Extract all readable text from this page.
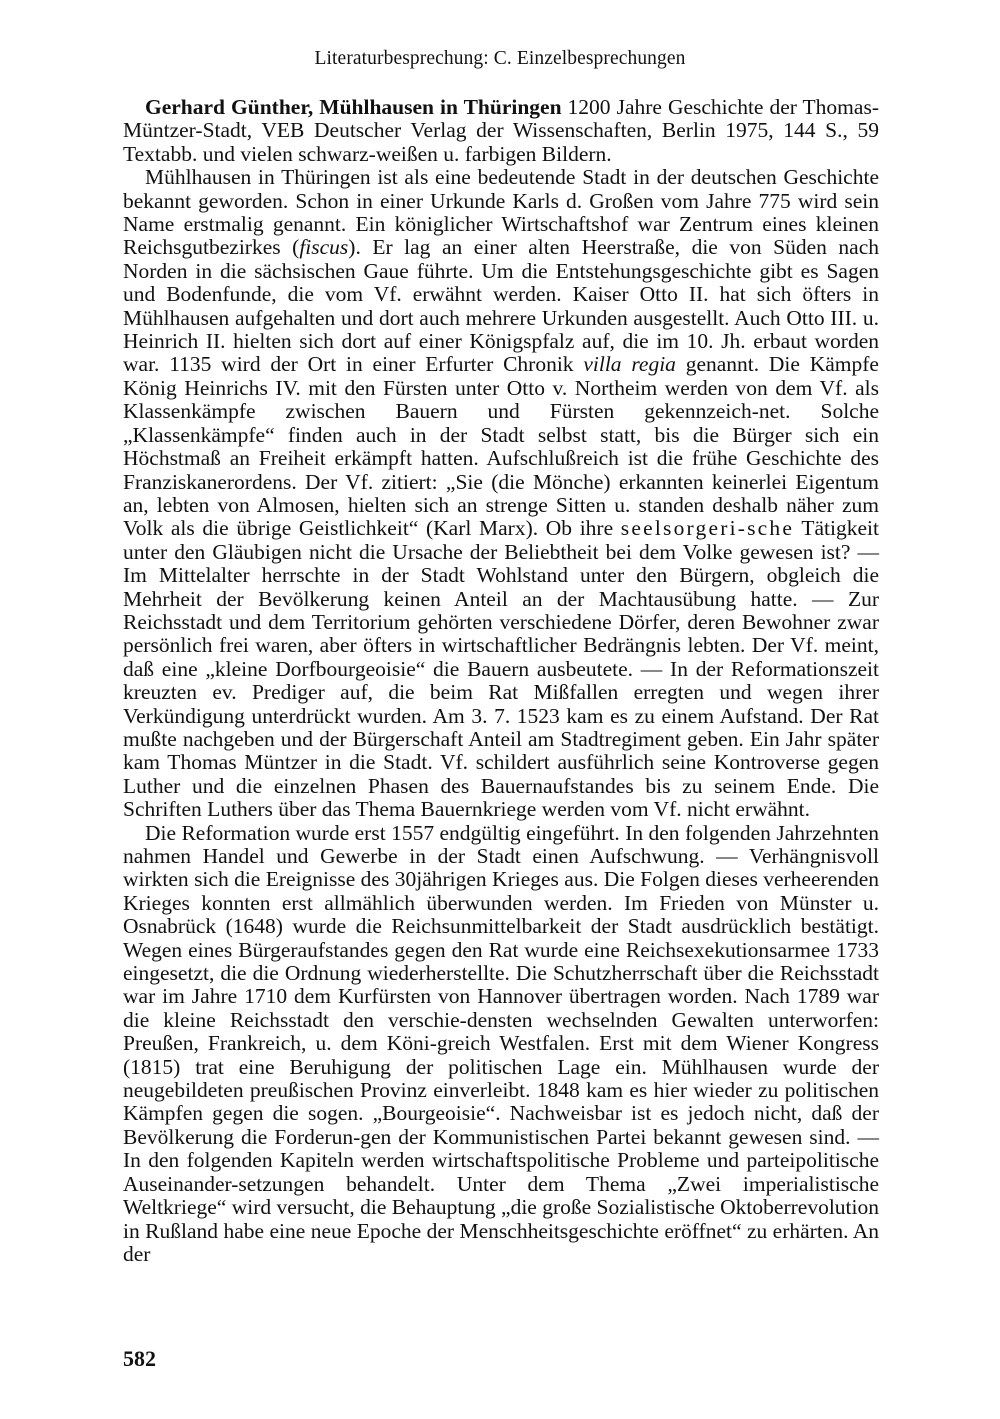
Literaturbesprechung: C. Einzelbesprechungen

Gerhard Günther, Mühlhausen in Thüringen 1200 Jahre Geschichte der Thomas-Müntzer-Stadt, VEB Deutscher Verlag der Wissenschaften, Berlin 1975, 144 S., 59 Textabb. und vielen schwarz-weißen u. farbigen Bildern.

Mühlhausen in Thüringen ist als eine bedeutende Stadt in der deutschen Geschichte bekannt geworden. Schon in einer Urkunde Karls d. Großen vom Jahre 775 wird sein Name erstmalig genannt. Ein königlicher Wirtschaftshof war Zentrum eines kleinen Reichsgutbezirkes (fiscus). Er lag an einer alten Heerstraße, die von Süden nach Norden in die sächsischen Gaue führte. Um die Entstehungsgeschichte gibt es Sagen und Bodenfunde, die vom Vf. erwähnt werden. Kaiser Otto II. hat sich öfters in Mühlhausen aufgehalten und dort auch mehrere Urkunden ausgestellt. Auch Otto III. u. Heinrich II. hielten sich dort auf einer Königspfalz auf, die im 10. Jh. erbaut worden war. 1135 wird der Ort in einer Erfurter Chronik villa regia genannt. Die Kämpfe König Heinrichs IV. mit den Fürsten unter Otto v. Northeim werden von dem Vf. als Klassenkämpfe zwischen Bauern und Fürsten gekennzeich-net. Solche „Klassenkämpfe“ finden auch in der Stadt selbst statt, bis die Bürger sich ein Höchstmaß an Freiheit erkämpft hatten. Aufschlußreich ist die frühe Geschichte des Franziskanerordens. Der Vf. zitiert: „Sie (die Mönche) erkannten keinerlei Eigentum an, lebten von Almosen, hielten sich an strenge Sitten u. standen deshalb näher zum Volk als die übrige Geistlichkeit“ (Karl Marx). Ob ihre seelsorgeri-sche Tätigkeit unter den Gläubigen nicht die Ursache der Beliebtheit bei dem Volke gewesen ist? — Im Mittelalter herrschte in der Stadt Wohlstand unter den Bürgern, obgleich die Mehrheit der Bevölkerung keinen Anteil an der Machtausübung hatte. — Zur Reichsstadt und dem Territorium gehörten verschiedene Dörfer, deren Bewohner zwar persönlich frei waren, aber öfters in wirtschaftlicher Bedrängnis lebten. Der Vf. meint, daß eine „kleine Dorfbourgeoisie“ die Bauern ausbeutete. — In der Reformationszeit kreuzten ev. Prediger auf, die beim Rat Mißfallen erregten und wegen ihrer Verkündigung unterdrückt wurden. Am 3. 7. 1523 kam es zu einem Aufstand. Der Rat mußte nachgeben und der Bürgerschaft Anteil am Stadtregiment geben. Ein Jahr später kam Thomas Müntzer in die Stadt. Vf. schildert ausführlich seine Kontroverse gegen Luther und die einzelnen Phasen des Bauernaufstandes bis zu seinem Ende. Die Schriften Luthers über das Thema Bauernkriege werden vom Vf. nicht erwähnt.

Die Reformation wurde erst 1557 endgültig eingeführt. In den folgenden Jahrzehnten nahmen Handel und Gewerbe in der Stadt einen Aufschwung. — Verhängnisvoll wirkten sich die Ereignisse des 30jährigen Krieges aus. Die Folgen dieses verheerenden Krieges konnten erst allmählich überwunden werden. Im Frieden von Münster u. Osnabrück (1648) wurde die Reichsunmittelbarkeit der Stadt ausdrücklich bestätigt. Wegen eines Bürgeraufstandes gegen den Rat wurde eine Reichsexekutionsarmee 1733 eingesetzt, die die Ordnung wiederherstellte. Die Schutzherrschaft über die Reichsstadt war im Jahre 1710 dem Kurfürsten von Hannover übertragen worden. Nach 1789 war die kleine Reichsstadt den verschie-densten wechselnden Gewalten unterworfen: Preußen, Frankreich, u. dem Köni-greich Westfalen. Erst mit dem Wiener Kongress (1815) trat eine Beruhigung der politischen Lage ein. Mühlhausen wurde der neugebildeten preußischen Provinz einverleibt. 1848 kam es hier wieder zu politischen Kämpfen gegen die sogen. „Bourgeoisie“. Nachweisbar ist es jedoch nicht, daß der Bevölkerung die Forderun-gen der Kommunistischen Partei bekannt gewesen sind. — In den folgenden Kapiteln werden wirtschaftspolitische Probleme und parteipolitische Auseinander-setzungen behandelt. Unter dem Thema „Zwei imperialistische Weltkriege“ wird versucht, die Behauptung „die große Sozialistische Oktoberrevolution in Rußland habe eine neue Epoche der Menschheitsgeschichte eröffnet“ zu erhärten. An der

582
